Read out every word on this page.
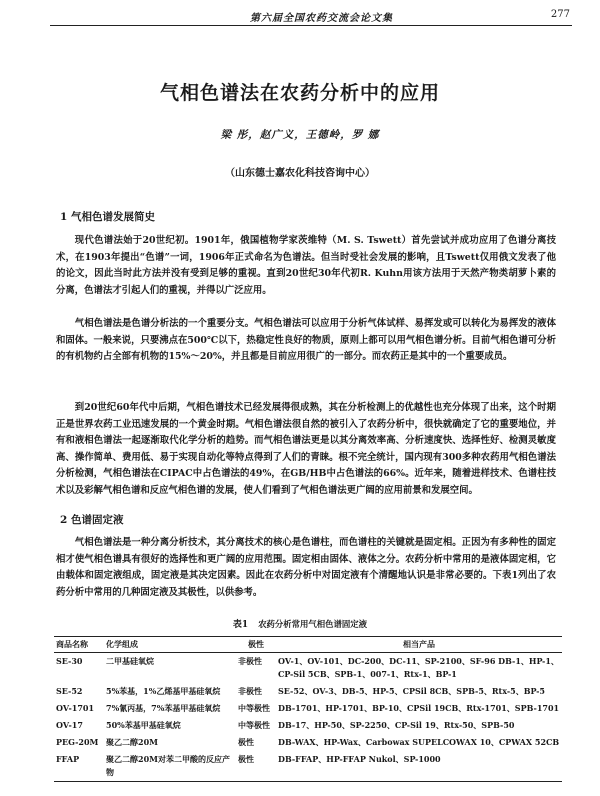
第六届全国农药交流会论文集	277
气相色谱法在农药分析中的应用
梁 彤，赵广义，王德岭，罗 娜
（山东德士嘉农化科技咨询中心）
1 气相色谱发展简史

现代色谱法始于20世纪初。1901年，俄国植物学家茨维特（M. S. Tswett）首先尝试并成功应用了色谱分离技术，在1903年提出“色谱”一词，1906年正式命名为色谱法。但当时受社会发展的影响，且Tswett仅用俄文发表了他的论文，因此当时此方法并没有受到足够的重视。直到20世纪30年代初R. Kuhn用该方法用于天然产物类胡萝卜素的分离，色谱法才引起人们的重视，并得以广泛应用。

气相色谱法是色谱分析法的一个重要分支。气相色谱法可以应用于分析气体试样、易挥发或可以转化为易挥发的液体和固体。一般来说，只要沸点在500℃以下，热稳定性良好的物质，原则上都可以用气相色谱分析。目前气相色谱可分析的有机物约占全部有机物的15%～20%，并且都是目前应用很广的一部分。而农药正是其中的一个重要成员。

到20世纪60年代中后期，气相色谱技术已经发展得很成熟，其在分析检测上的优越性也充分体现了出来，这个时期正是世界农药工业迅速发展的一个黄金时期。气相色谱法很自然的被引入了农药分析中，很快就确定了它的重要地位，并有和液相色谱法一起逐渐取代化学分析的趋势。而气相色谱法更是以其分离效率高、分析速度快、选择性好、检测灵敏度高、操作简单、费用低、易于实现自动化等特点得到了人们的青睐。根不完全统计，国内现有300多种农药用气相色谱法分析检测，气相色谱法在CIPAC中占色谱法的49%，在GB/HB中占色谱法的66%。近年来，随着进样技术、色谱柱技术以及彩解气相色谱和反应气相色谱的发展，使人们看到了气相色谱法更广阔的应用前景和发展空间。

2 色谱固定液

气相色谱法是一种分离分析技术，其分离技术的核心是色谱柱，而色谱柱的关键就是固定相。正因为有多种性的固定相才使气相色谱具有很好的选择性和更广阔的应用范围。固定相由固体、液体之分。农药分析中常用的是液体固定相，它由载体和固定液组成，固定液是其决定因素。因此在农药分析中对固定液有个清醒地认识是非常必要的。下表1列出了农药分析中常用的几种固定液及其极性，以供参考。

表1 农药分析常用气相色谱固定液
商品名称	化学组成	极性	相当产品
SE-30	二甲基硅氧烷	非极性	OV-1、OV-101、DC-200、DC-11、SP-2100、SF-96 DB-1、HP-1、CP-Sil 5CB、SPB-1、007-1、Rtx-1、BP-1
SE-52	5%苯基，1%乙烯基甲基硅氧烷	非极性	SE-52、OV-3、DB-5、HP-5、CPSil 8CB、SPB-5、Rtx-5、BP-5
OV-1701	7%氰丙基，7%苯基甲基硅氧烷	中等极性	DB-1701、HP-1701、BP-10、CPSil 19CB、Rtx-1701、SPB-1701
OV-17	50%苯基甲基硅氧烷	中等极性	DB-17、HP-50、SP-2250、CP-Sil 19、Rtx-50、SPB-50
PEG-20M	聚乙二醇20M	极性	DB-WAX、HP-Wax、Carbowax SUPELCOWAX 10、CPWAX 52CB
FFAP	聚乙二醇20M对苯二甲酸的反应产物	极性	DB-FFAP、HP-FFAP Nukol、SP-1000
